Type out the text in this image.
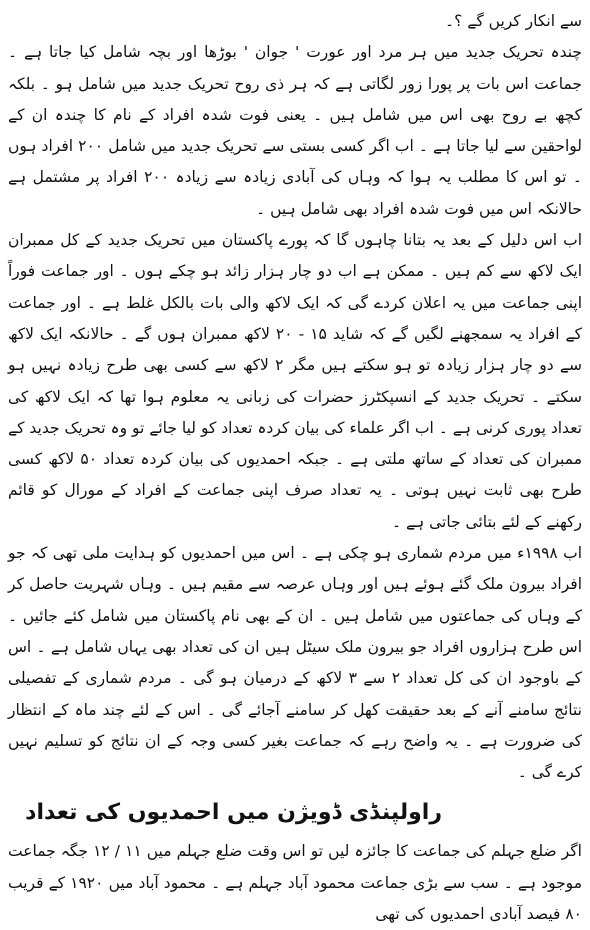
سے انکار کریں گے ؟۔

چندہ تحریک جدید میں ہر مرد اور عورت ' جوان ' بوڑھا اور بچہ شامل کیا جاتا ہے ۔ جماعت اس بات پر پورا زور لگاتی ہے کہ ہر ذی روح تحریک جدید میں شامل ہو ۔ بلکہ کچھ بے روح بھی اس میں شامل ہیں ۔ یعنی فوت شدہ افراد کے نام کا چندہ ان کے لواحقین سے لیا جاتا ہے ۔ اب اگر کسی بستی سے تحریک جدید میں شامل ۲۰۰ افراد ہوں ۔ تو اس کا مطلب یہ ہوا کہ وہاں کی آبادی زیادہ سے زیادہ ۲۰۰ افراد پر مشتمل ہے حالانکہ اس میں فوت شدہ افراد بھی شامل ہیں ۔

اب اس دلیل کے بعد یہ بتانا چاہوں گا کہ پورے پاکستان میں تحریک جدید کے کل ممبران ایک لاکھ سے کم ہیں ۔ ممکن ہے اب دو چار ہزار زائد ہو چکے ہوں ۔ اور جماعت فوراً اپنی جماعت میں یہ اعلان کردے گی کہ ایک لاکھ والی بات بالکل غلط ہے ۔ اور جماعت کے افراد یہ سمجھنے لگیں گے کہ شاید ۱۵ - ۲۰ لاکھ ممبران ہوں گے ۔ حالانکہ ایک لاکھ سے دو چار ہزار زیادہ تو ہو سکتے ہیں مگر ۲ لاکھ سے کسی بھی طرح زیادہ نہیں ہو سکتے ۔ تحریک جدید کے انسپکٹرز حضرات کی زبانی یہ معلوم ہوا تھا کہ ایک لاکھ کی تعداد پوری کرنی ہے ۔ اب اگر علماء کی بیان کردہ تعداد کو لیا جائے تو وہ تحریک جدید کے ممبران کی تعداد کے ساتھ ملتی ہے ۔ جبکہ احمدیوں کی بیان کردہ تعداد ۵۰ لاکھ کسی طرح بھی ثابت نہیں ہوتی ۔ یہ تعداد صرف اپنی جماعت کے افراد کے مورال کو قائم رکھنے کے لئے بتائی جاتی ہے ۔

اب ۱۹۹۸ء میں مردم شماری ہو چکی ہے ۔ اس میں احمدیوں کو ہدایت ملی تھی کہ جو افراد بیرون ملک گئے ہوئے ہیں اور وہاں عرصہ سے مقیم ہیں ۔ وہاں شہریت حاصل کر کے وہاں کی جماعتوں میں شامل ہیں ۔ ان کے بھی نام پاکستان میں شامل کئے جائیں ۔ اس طرح ہزاروں افراد جو بیرون ملک سیٹل ہیں ان کی تعداد بھی یہاں شامل ہے ۔ اس کے باوجود ان کی کل تعداد ۲ سے ۳ لاکھ کے درمیان ہو گی ۔ مردم شماری کے تفصیلی نتائج سامنے آنے کے بعد حقیقت کھل کر سامنے آجائے گی ۔ اس کے لئے چند ماہ کے انتظار کی ضرورت ہے ۔ یہ واضح رہے کہ جماعت بغیر کسی وجہ کے ان نتائج کو تسلیم نہیں کرے گی ۔

راولپنڈی ڈویژن میں احمدیوں کی تعداد

اگر ضلع جہلم کی جماعت کا جائزہ لیں تو اس وقت ضلع جہلم میں ۱۱ / ۱۲ جگہ جماعت موجود ہے ۔ سب سے بڑی جماعت محمود آباد جہلم ہے ۔ محمود آباد میں ۱۹۲۰ کے قریب ۸۰ فیصد آبادی احمدیوں کی تھی
